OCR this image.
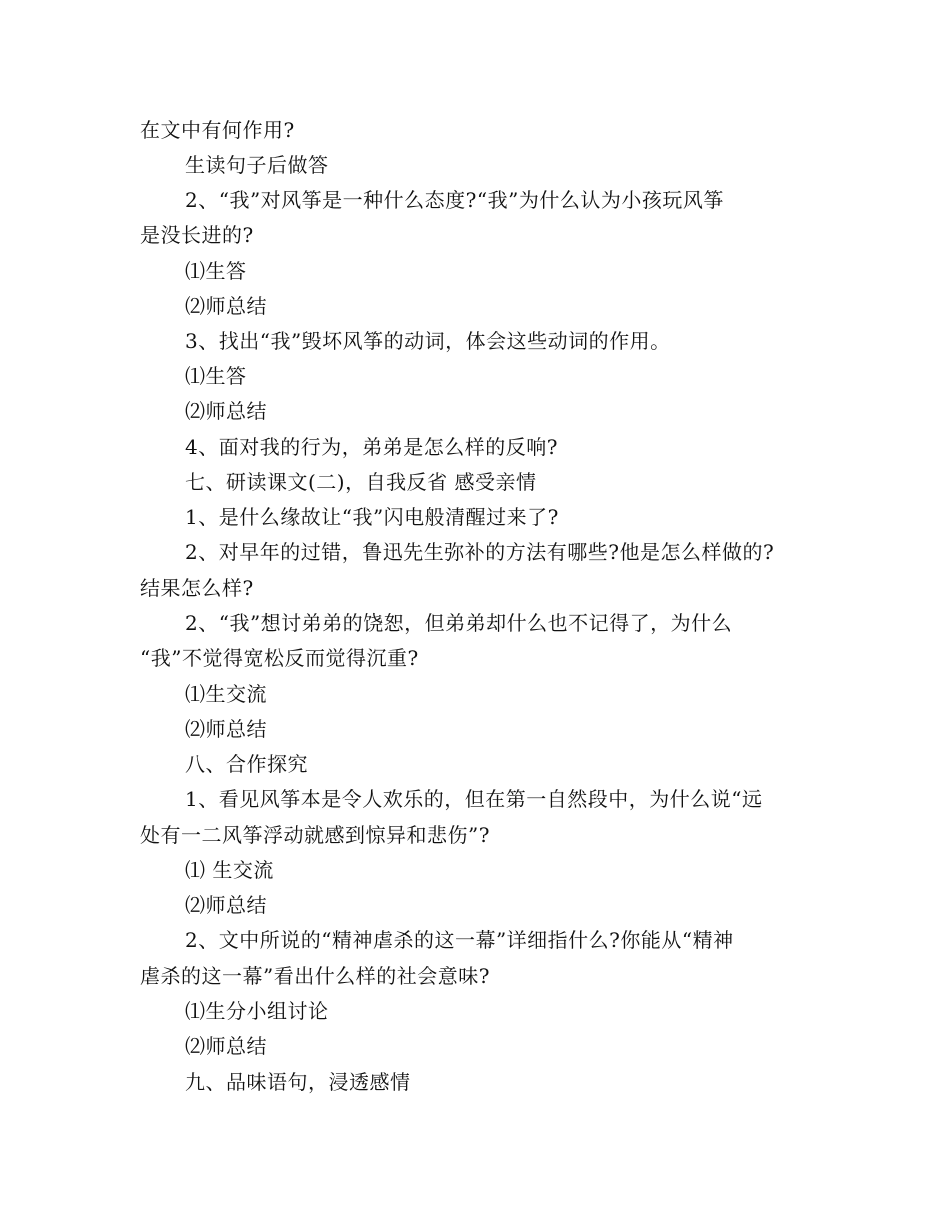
在文中有何作用?
生读句子后做答
2、“我”对风筝是一种什么态度?“我”为什么认为小孩玩风筝
是没长进的?
⑴生答
⑵师总结
3、找出“我”毁坏风筝的动词，体会这些动词的作用。
⑴生答
⑵师总结
4、面对我的行为，弟弟是怎么样的反响?
七、研读课文(二)，自我反省 感受亲情
1、是什么缘故让“我”闪电般清醒过来了?
2、对早年的过错，鲁迅先生弥补的方法有哪些?他是怎么样做的?
结果怎么样?
2、“我”想讨弟弟的饶恕，但弟弟却什么也不记得了，为什么
“我”不觉得宽松反而觉得沉重?
⑴生交流
⑵师总结
八、合作探究
1、看见风筝本是令人欢乐的，但在第一自然段中，为什么说“远
处有一二风筝浮动就感到惊异和悲伤”?
⑴ 生交流
⑵师总结
2、文中所说的“精神虐杀的这一幕”详细指什么?你能从“精神
虐杀的这一幕”看出什么样的社会意味?
⑴生分小组讨论
⑵师总结
九、品味语句，浸透感情
